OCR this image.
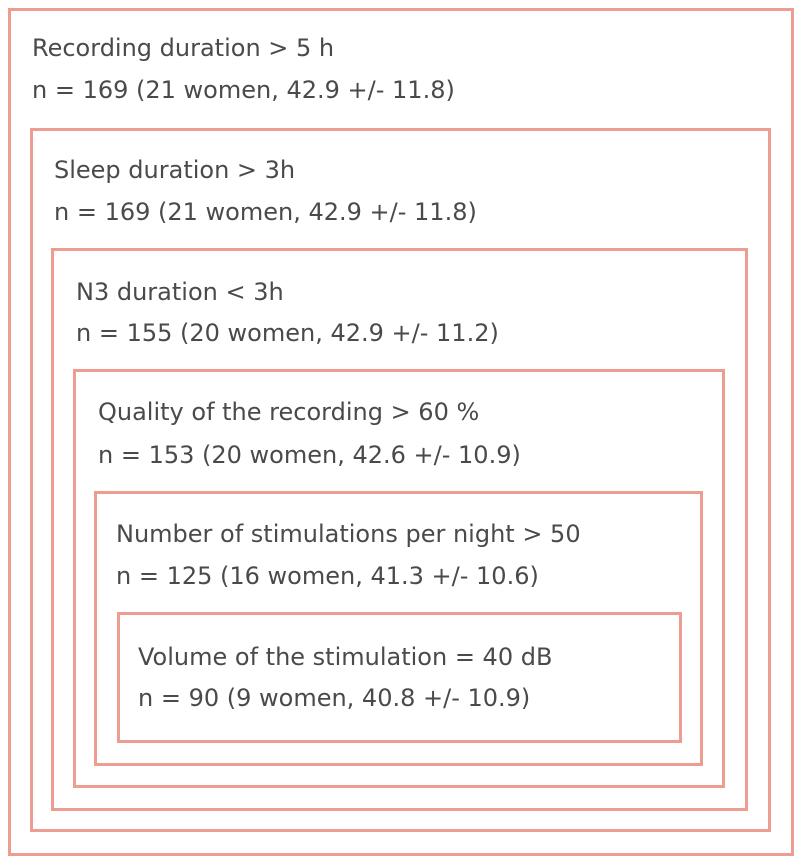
Recording duration > 5 h
n = 169 (21 women, 42.9 +/- 11.8)
Sleep duration > 3h
n = 169 (21 women, 42.9 +/- 11.8)
N3 duration < 3h
n = 155 (20 women, 42.9 +/- 11.2)
Quality of the recording > 60 %
n = 153 (20 women, 42.6 +/- 10.9)
Number of stimulations per night > 50
n = 125 (16 women, 41.3 +/- 10.6)
Volume of the stimulation = 40 dB
n = 90 (9 women, 40.8 +/- 10.9)
